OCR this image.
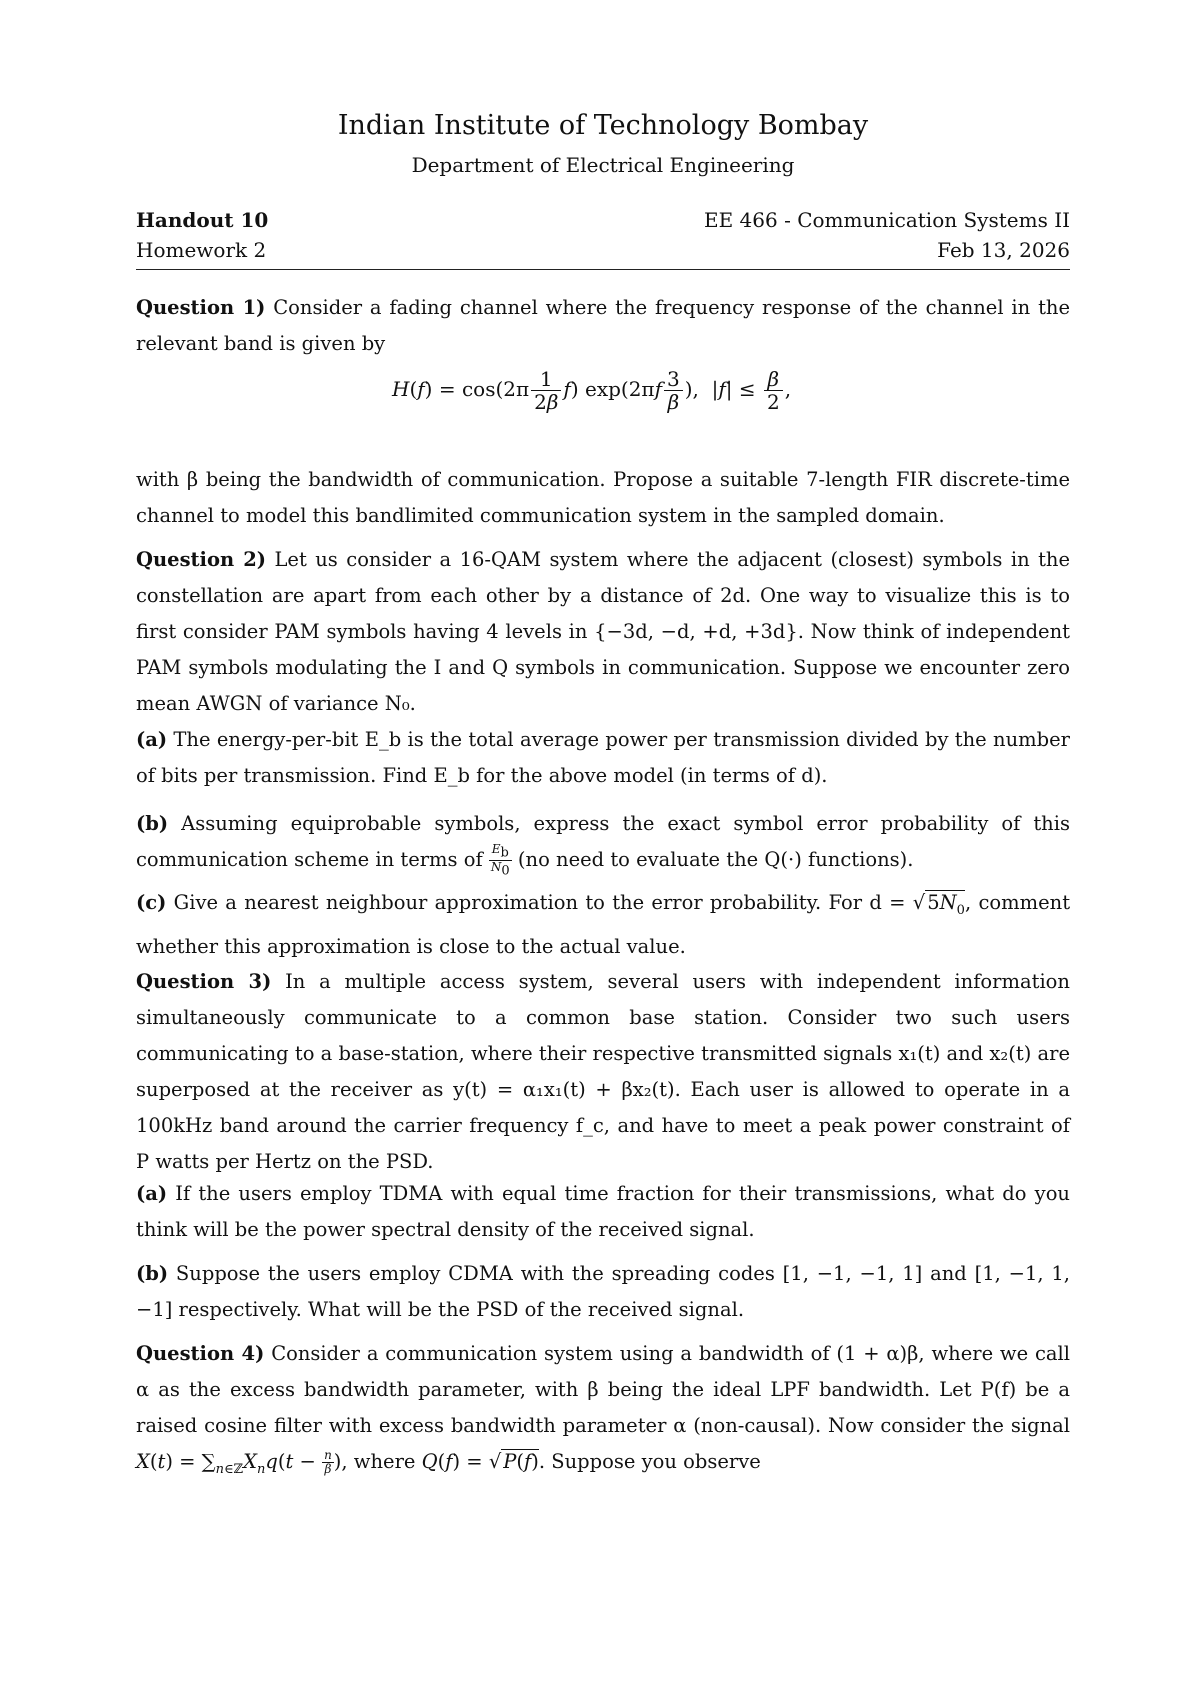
Indian Institute of Technology Bombay
Department of Electrical Engineering
Handout 10	EE 466 - Communication Systems II
Homework 2	Feb 13, 2026
Question 1) Consider a fading channel where the frequency response of the channel in the relevant band is given by
$H(f) = \cos(2\pi \frac{1}{2\beta} f)$ $\exp(2\pi f \frac{3}{\beta}$ ),  $|f| \le \frac{\beta}{2}$ ,
with β being the bandwidth of communication. Propose a suitable 7-length FIR discrete-time channel to model this bandlimited communication system in the sampled domain.
Question 2) Let us consider a 16-QAM system where the adjacent (closest) symbols in the constellation are apart from each other by a distance of 2d. One way to visualize this is to first consider PAM symbols having 4 levels in {−3d, −d, +d, +3d}. Now think of independent PAM symbols modulating the I and Q symbols in communication. Suppose we encounter zero mean AWGN of variance N₀.
(a) The energy-per-bit E_b is the total average power per transmission divided by the number of bits per transmission. Find E_b for the above model (in terms of d).
(b) Assuming equiprobable symbols, express the exact symbol error probability of this communication scheme in terms of $\frac{E_b}{N_0} (no$ need to evaluate the Q(·) functions).
(c) Give a nearest neighbour approximation to the error probability. For d = √ $5N_0$, comment whether this approximation is close to the actual value.
Question 3) In a multiple access system, several users with independent information simultaneously communicate to a common base station. Consider two such users communicating to a base-station, where their respective transmitted signals x₁(t) and x₂(t) are superposed at the receiver as y(t) = α₁x₁(t) + βx₂(t). Each user is allowed to operate in a 100kHz band around the carrier frequency f_c, and have to meet a peak power constraint of P watts per Hertz on the PSD.
(a) If the users employ TDMA with equal time fraction for their transmissions, what do you think will be the power spectral density of the received signal.
(b) Suppose the users employ CDMA with the spreading codes [1, −1, −1, 1] and [1, −1, 1, −1] respectively. What will be the PSD of the received signal.
Question 4) Consider a communication system using a bandwidth of (1 + α)β, where we call α as the excess bandwidth parameter, with β being the ideal LPF bandwidth. Let P(f) be a raised cosine filter with excess bandwidth parameter α (non-causal). Now consider the signal $X(t) = \sum_{n\in ℤ}X_nq(t - \frac{n}{\beta}$ ), where Q(f) = √ P(f). Suppose you observe
